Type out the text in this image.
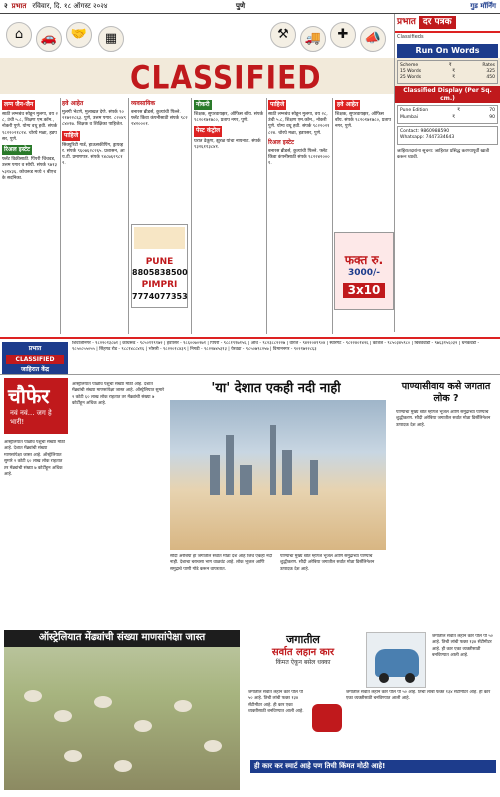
२ प्रभात रविवार, दि. १८ ऑगस्ट २०२४	पुणे	गुड मॉर्निंग
⌂	🚗	🤝	▦	⚒	🚚	✚	📣
CLASSIFIED
लग्न जैन-जैन
साठी लग्नबंध सोडून मुलगा, वय २८, उंची ५.८, शिक्षण एम.कॉम., नोकरी पुणे. योग्य वधू हवी. संपर्क ९८२२०२१८२४. चोरघे मळा, हडपसर, पुणे.
रिअल इस्टेट
फ्लॅट विक्रीसाठी. पिंपरी चिंचवड, उत्तम पगार व सोयी. संपर्क ९७१३५३१४३६. कोथरूड मध्ये २ बीएचके सदनिका.
हवे आहेत
मुलगी भेटणे, मुलाखत देणे. संपर्क ९०२१७२२८६३. पुणे, उत्तम पगार. ८२०४९८४०१७. शिक्षक व शिक्षिका पाहिजेत.
पाहिजे
सिक्युरिटी गार्ड, हाऊसकीपिंग, ड्रायव्हर. संपर्क ९६०७६२८२६५. प्रशासन, आय.टी. प्रमाणपत्र. संपर्क ९४८७६२९८१२.
व्यवसायिक
बनारस ब्रीडर्स, कुत्र्यांची पिल्ले. फ्लॅट किंवा कंपनीसाठी संपर्क ९८२२४२०००१.
PUNE
8805838500
PIMPRI
7774077353
नोकरी
शिक्षक, सुपरवायझर, ऑफिस बॉय. संपर्क ९८२०१७१७८०, प्रताप नगर, पुणे.
पेस्ट कंट्रोल
घरात ढेकूण, झुरळ यांचा नायनाट. संपर्क ९३२६११३८४१.
पाहिजे
साठी लग्नबंध सोडून मुलगा, वय २८, उंची ५.८, शिक्षण एम.कॉम., नोकरी पुणे. योग्य वधू हवी. संपर्क ९८२२०२१८२४. चोरघे मळा, हडपसर, पुणे.
रिअल इस्टेट
बनारस ब्रीडर्स, कुत्र्यांची पिल्ले. फ्लॅट किंवा कंपनीसाठी संपर्क ९८२२४२०००१.
हवे आहेत
शिक्षक, सुपरवायझर, ऑफिस बॉय. संपर्क ९८२०१७१७८०, प्रताप नगर, पुणे.
फक्त रु.
3000/-
3x10
प्रभात दर पत्रक
Classifieds
Run On Words
Scheme	₹	Rates
15 Words	₹	325
25 Words	₹	450
Classified Display (Per Sq. cm.)
Pune Edition	₹	70
Mumbai	₹	90
Contact: 9860988590
Whatsapp: 7447334643
जाहिरातदारांना सूचना: जाहिरात प्रसिद्ध करण्यापूर्वी खात्री करून घ्यावी.
प्रभात
CLASSIFIED
जाहिरात केंद्र
शिवाजीनगर - ९८२२०१३८७१ | कोथरूड - ९८५०११९१७२ | हडपसर - ९८६००७०२७१ | पिंपरी - ९८८१९१७१५६ | औंध - ९८२३८८२२२७ | वारजे - ९४२२०४९९०४ | स्वारगेट - ९८२२४०१४२६ | कात्रज - ९८५०३४५९८० | बिबवेवाडी - ९७६३१५६०३२ | धनकवडी - ९८५०८५५०५५ | सिंहगड रोड - ९८८१४८८४१६ | भोसरी - ९८२२०१८४३९ | निगडी - ९८२२७४५३१३ | येरवडा - ९८५०७९८२५७ | विमाननगर - ९०२१७२२८६३
चौफेर
नवं नवं... जग हे भारी!
ऑस्ट्रेलियात पाळीव पशुंची संख्या मोठी आहे. देशात मेंढ्यांची संख्या माणसांपेक्षा जास्त आहे. ऑस्ट्रेलियात सुमारे २ कोटी ६० लाख लोक राहतात तर मेंढ्यांची संख्या ७ कोटींहून अधिक आहे.
ऑस्ट्रेलियात पाळीव पशुंची संख्या मोठी आहे. देशात मेंढ्यांची संख्या माणसांपेक्षा जास्त आहे. ऑस्ट्रेलियात सुमारे २ कोटी ६० लाख लोक राहतात तर मेंढ्यांची संख्या ७ कोटींहून अधिक आहे.
'या' देशात एकही नदी नाही
सौदी अरेबिया हा जगातील सर्वात मोठा देश आहे जिथे एकही नदी नाही. देशाचा बराचसा भाग वाळवंट आहे. लोक भूजल आणि समुद्राचे पाणी गोडे करून वापरतात.
पाण्याचा मुख्य स्रोत म्हणजे भूजल आणि समुद्राच्या पाण्याचे शुद्धीकरण. सौदी अरेबिया जगातील सर्वात मोठा डिसॅलिनेशन उत्पादक देश आहे.
पाण्यासीवाय कसे जगतात लोक ?
पाण्याचा मुख्य स्रोत म्हणजे भूजल आणि समुद्राच्या पाण्याचे शुद्धीकरण. सौदी अरेबिया जगातील सर्वात मोठा डिसॅलिनेशन उत्पादक देश आहे.
ऑस्ट्रेलियात मेंढ्यांची संख्या माणसांपेक्षा जास्त	जगातील
सर्वात लहान कार
किंमत ऐकून बसेल धक्का
जगातील सर्वात लहान कार पील पी ५० आहे. तिची लांबी फक्त १३४ सेंटीमीटर आहे. ही कार एका व्यक्तीसाठी बनविण्यात आली आहे.
जगातील सर्वात लहान कार पील पी ५० आहे. तिची लांबी फक्त १३४ सेंटीमीटर आहे. ही कार एका व्यक्तीसाठी बनविण्यात आली आहे.
जगातील सर्वात लहान कार पील पी ५० आहे. तिची लांबी फक्त १३४ सेंटीमीटर आहे. ही कार एका व्यक्तीसाठी बनविण्यात आली आहे.
ही कार कर स्मार्ट आहे पण तिची किंमत मोठी आहे!
